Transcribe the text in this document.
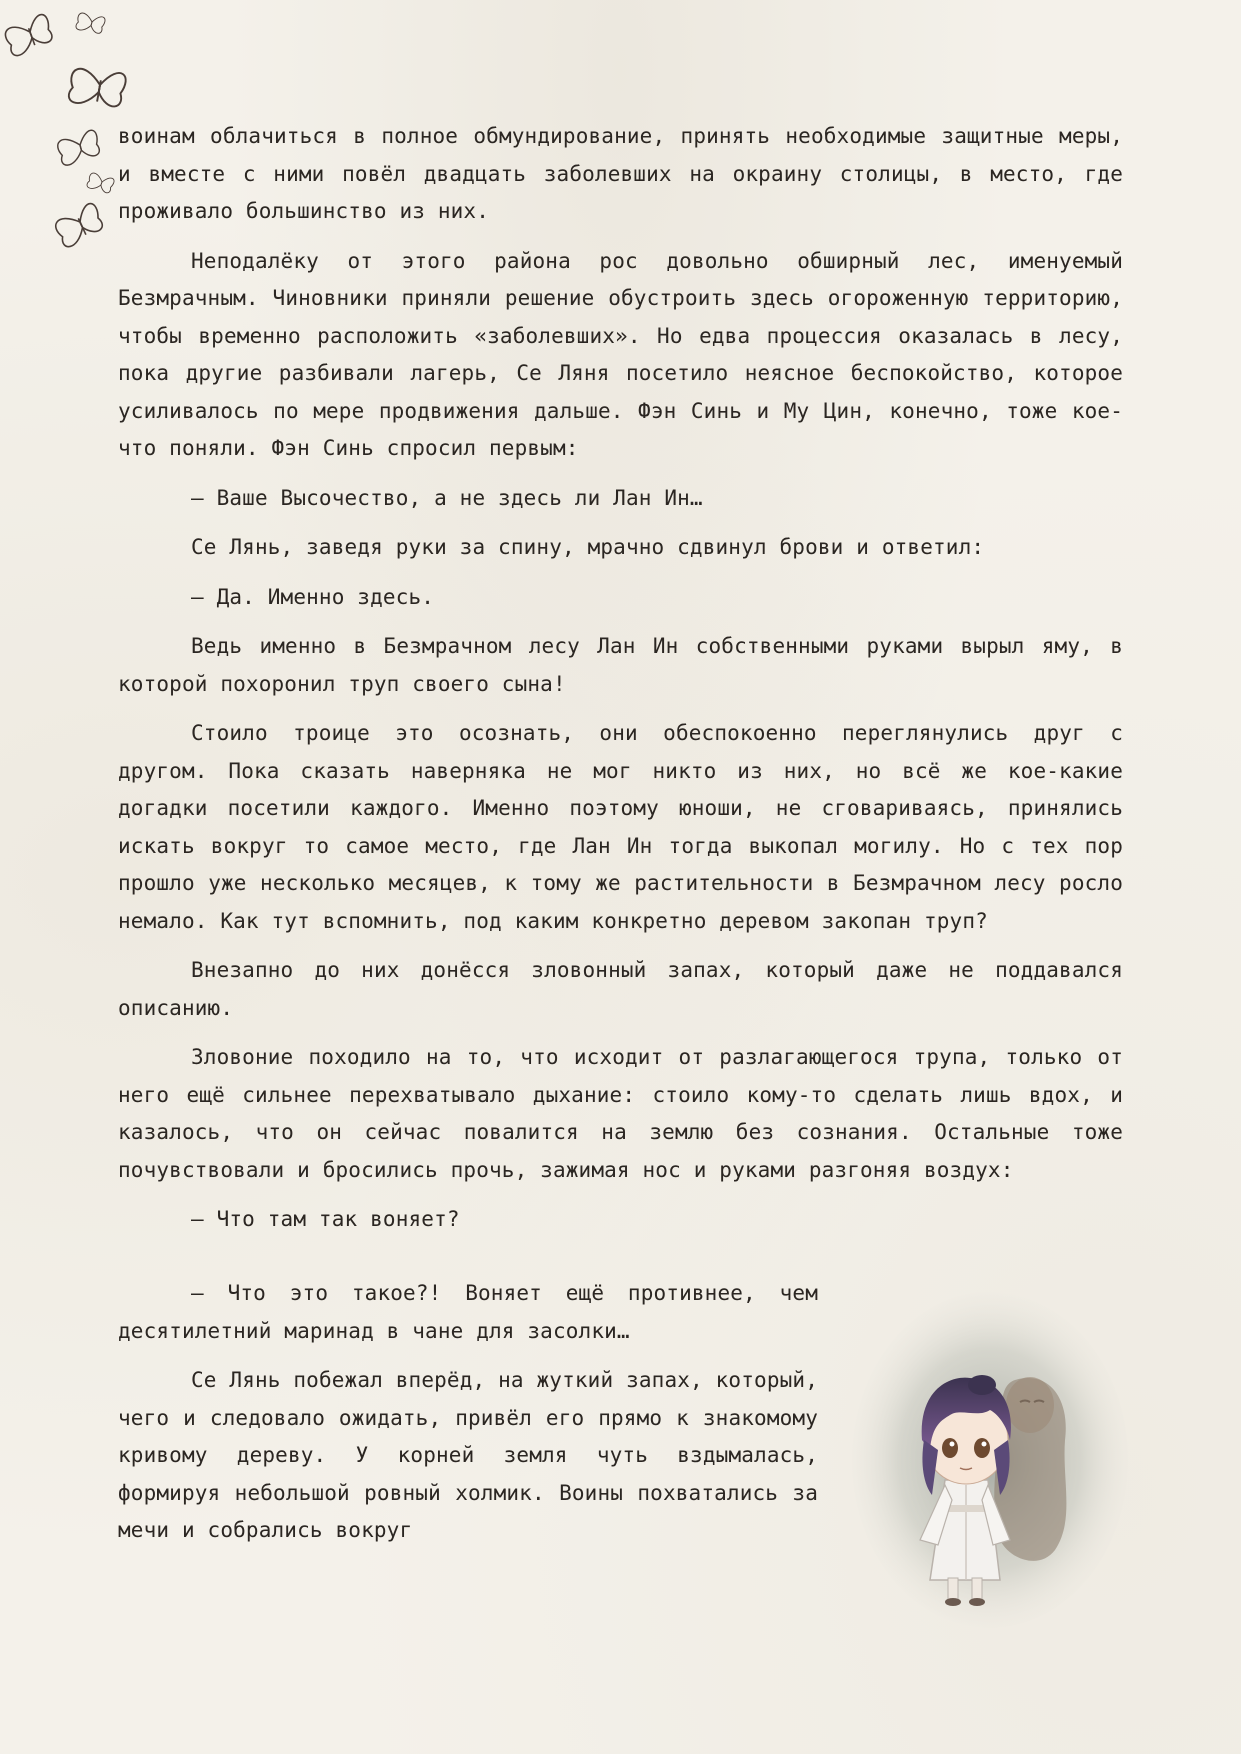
воинам облачиться в полное обмундирование, принять необходимые защитные меры, и вместе с ними повёл двадцать заболевших на окраину столицы, в место, где проживало большинство из них.

Неподалёку от этого района рос довольно обширный лес, именуемый Безмрачным. Чиновники приняли решение обустроить здесь огороженную территорию, чтобы временно расположить «заболевших». Но едва процессия оказалась в лесу, пока другие разбивали лагерь, Се Ляня посетило неясное беспокойство, которое усиливалось по мере продвижения дальше. Фэн Синь и Му Цин, конечно, тоже кое-что поняли. Фэн Синь спросил первым:

— Ваше Высочество, а не здесь ли Лан Ин…

Се Лянь, заведя руки за спину, мрачно сдвинул брови и ответил:

— Да. Именно здесь.

Ведь именно в Безмрачном лесу Лан Ин собственными руками вырыл яму, в которой похоронил труп своего сына!

Стоило троице это осознать, они обеспокоенно переглянулись друг с другом. Пока сказать наверняка не мог никто из них, но всё же кое-какие догадки посетили каждого. Именно поэтому юноши, не сговариваясь, принялись искать вокруг то самое место, где Лан Ин тогда выкопал могилу. Но с тех пор прошло уже несколько месяцев, к тому же растительности в Безмрачном лесу росло немало. Как тут вспомнить, под каким конкретно деревом закопан труп?

Внезапно до них донёсся зловонный запах, который даже не поддавался описанию.

Зловоние походило на то, что исходит от разлагающегося трупа, только от него ещё сильнее перехватывало дыхание: стоило кому-то сделать лишь вдох, и казалось, что он сейчас повалится на землю без сознания. Остальные тоже почувствовали и бросились прочь, зажимая нос и руками разгоняя воздух:

— Что там так воняет?

— Что это такое?! Воняет ещё противнее, чем десятилетний маринад в чане для засолки…

Се Лянь побежал вперёд, на жуткий запах, который, чего и следовало ожидать, привёл его прямо к знакомому кривому дереву. У корней земля чуть вздымалась, формируя небольшой ровный холмик. Воины похватались за мечи и собрались вокруг
